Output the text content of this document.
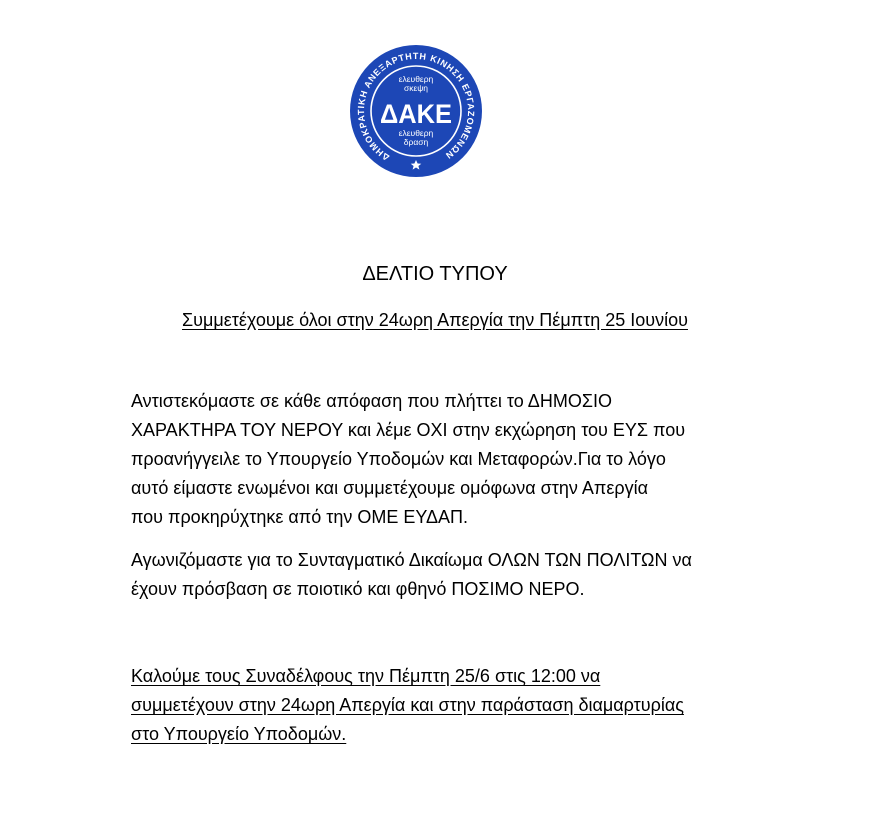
ΔΗΜΟΚΡΑΤΙΚΗ ΑΝΕΞΑΡΤΗΤΗ ΚΙΝΗΣΗ ΕΡΓΑΖΟΜΕΝΩΝ
ελευθερη
σκεψη
ΔΑΚΕ
ελευθερη
δραση
ΔΕΛΤΙΟ ΤΥΠΟΥ
Συμμετέχουμε όλοι στην 24ωρη Απεργία την Πέμπτη 25 Ιουνίου
Αντιστεκόμαστε σε κάθε απόφαση που πλήττει το ΔΗΜΟΣΙΟ
ΧΑΡΑΚΤΗΡΑ ΤΟΥ ΝΕΡΟΥ και λέμε ΟΧΙ στην εκχώρηση του ΕΥΣ που
προανήγγειλε το Υπουργείο Υποδομών και Μεταφορών.Για το λόγο
αυτό είμαστε ενωμένοι και συμμετέχουμε ομόφωνα στην Απεργία
που προκηρύχτηκε από την ΟΜΕ ΕΥΔΑΠ.
Αγωνιζόμαστε για το Συνταγματικό Δικαίωμα ΟΛΩΝ ΤΩΝ ΠΟΛΙΤΩΝ να
έχουν πρόσβαση σε ποιοτικό και φθηνό ΠΟΣΙΜΟ ΝΕΡΟ.
Καλούμε τους Συναδέλφους την Πέμπτη 25/6 στις 12:00 να
συμμετέχουν στην 24ωρη Απεργία και στην παράσταση διαμαρτυρίας
στο Υπουργείο Υποδομών.
